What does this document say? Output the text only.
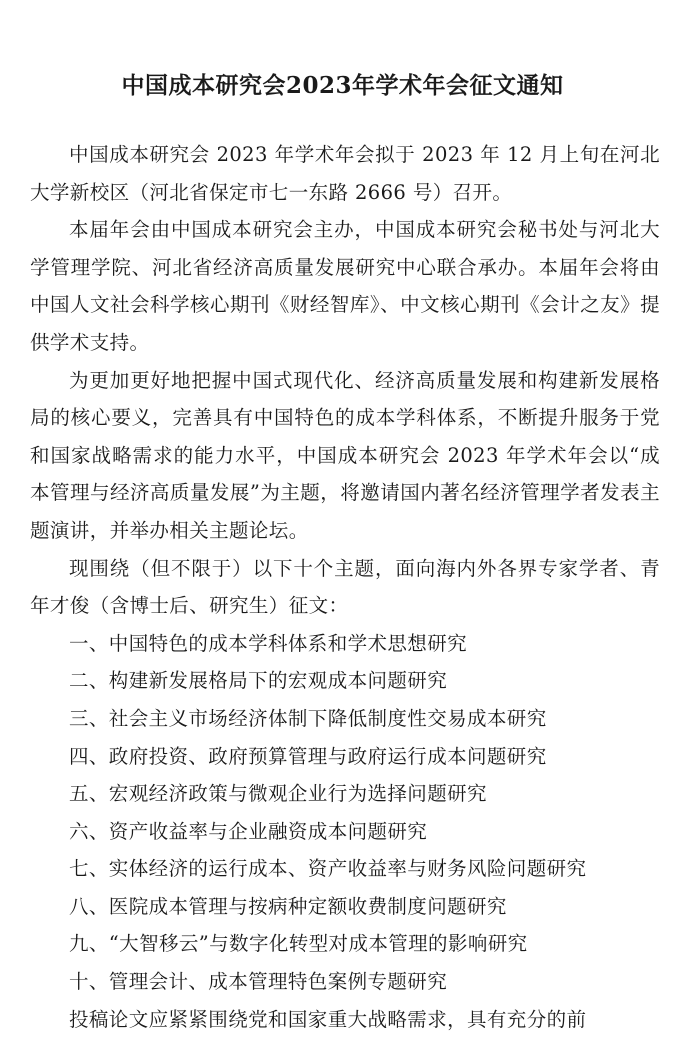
中国成本研究会2023年学术年会征文通知

中国成本研究会 2023 年学术年会拟于 2023 年 12 月上旬在河北大学新校区（河北省保定市七一东路 2666 号）召开。

本届年会由中国成本研究会主办，中国成本研究会秘书处与河北大学管理学院、河北省经济高质量发展研究中心联合承办。本届年会将由中国人文社会科学核心期刊《财经智库》、中文核心期刊《会计之友》提供学术支持。

为更加更好地把握中国式现代化、经济高质量发展和构建新发展格局的核心要义，完善具有中国特色的成本学科体系，不断提升服务于党和国家战略需求的能力水平，中国成本研究会 2023 年学术年会以“成本管理与经济高质量发展”为主题，将邀请国内著名经济管理学者发表主题演讲，并举办相关主题论坛。

现围绕（但不限于）以下十个主题，面向海内外各界专家学者、青年才俊（含博士后、研究生）征文：

一、中国特色的成本学科体系和学术思想研究

二、构建新发展格局下的宏观成本问题研究

三、社会主义市场经济体制下降低制度性交易成本研究

四、政府投资、政府预算管理与政府运行成本问题研究

五、宏观经济政策与微观企业行为选择问题研究

六、资产收益率与企业融资成本问题研究

七、实体经济的运行成本、资产收益率与财务风险问题研究

八、医院成本管理与按病种定额收费制度问题研究

九、“大智移云”与数字化转型对成本管理的影响研究

十、管理会计、成本管理特色案例专题研究

投稿论文应紧紧围绕党和国家重大战略需求，具有充分的前
